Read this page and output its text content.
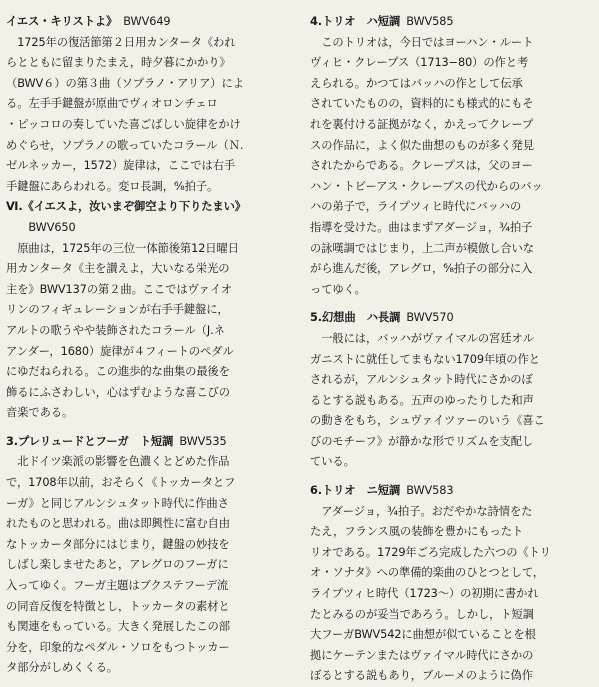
イエス・キリストよ》 BWV649
　1725年の復活節第２日用カンタータ《われ
らとともに留まりたまえ，時夕暮にかかり》
（BWV６）の第３曲（ソプラノ・アリア）によ
る。左手手鍵盤が原曲でヴィオロンチェロ
・ピッコロの奏していた喜ごばしい旋律をかけ
めぐらせ，ソプラノの歌っていたコラール（Ｎ.
ゼルネッカー，1572）旋律は，ここでは右手
手鍵盤にあらわれる。変ロ長調，⁶⁄₈拍子。
Ⅵ.《イエスよ，汝いまぞ御空より下りたまい》
　　BWV650
　原曲は，1725年の三位一体節後第12日曜日
用カンタータ《主を讃えよ，大いなる栄光の
主を》BWV137の第２曲。ここではヴァイオ
リンのフィギュレーションが右手手鍵盤に，
アルトの歌うやや装飾されたコラール（J.ネ
アンダー，1680）旋律が４フィートのペダル
にゆだねられる。この進歩的な曲集の最後を
飾るにふさわしい，心はずむような喜こびの
音楽である。
3.プレリュードとフーガ　ト短調 BWV535
　北ドイツ楽派の影響を色濃くとどめた作品
で，1708年以前，おそらく《トッカータとフ
ーガ》と同じアルンシュタット時代に作曲さ
れたものと思われる。曲は即興性に富む自由
なトッカータ部分にはじまり，鍵盤の妙技を
しばし楽しませたあと，アレグロのフーガに
入ってゆく。フーガ主題はブクステフーデ流
の同音反復を特徴とし，トッカータの素材と
も関連をもっている。大きく発展したこの部
分を，印象的なペダル・ソロをもつトッカー
タ部分がしめくくる。
4.トリオ　ハ短調 BWV585
　このトリオは，今日ではヨーハン・ルート
ヴィヒ・クレープス（1713−80）の作と考
えられる。かつてはバッハの作として伝承
されていたものの，資料的にも様式的にもそ
れを裏付ける証拠がなく，かえってクレープ
スの作品に，よく似た曲想のものが多く発見
されたからである。クレープスは，父のヨー
ハン・トビーアス・クレープスの代からのバッ
ハの弟子で，ライプツィヒ時代にバッハの
指導を受けた。曲はまずアダージョ，¾拍子
の詠嘆調ではじまり，上二声が模倣し合いな
がら進んだ後，アレグロ，⁶⁄₈拍子の部分に入
ってゆく。
5.幻想曲　ハ長調 BWV570
　一般には，バッハがヴァイマルの宮廷オル
ガニストに就任してまもない1709年頃の作と
されるが，アルンシュタット時代にさかのぼ
るとする説もある。五声のゆったりした和声
の動きをもち，シュヴァイツァーのいう《喜こ
びのモチーフ》が静かな形でリズムを支配し
ている。
6.トリオ　ニ短調 BWV583
　アダージョ，¾拍子。おだやかな詩情をた
たえ，フランス風の装飾を豊かにもったト
リオである。1729年ごろ完成した六つの《トリ
オ・ソナタ》への準備的楽曲のひとつとして，
ライプツィヒ時代（1723〜）の初期に書かれ
たとみるのが妥当であろう。しかし，ト短調
大フーガBWV542に曲想が似ていることを根
拠にケーテンまたはヴァイマル時代にさかの
ぼるとする説もあり，ブルーメのように偽作
